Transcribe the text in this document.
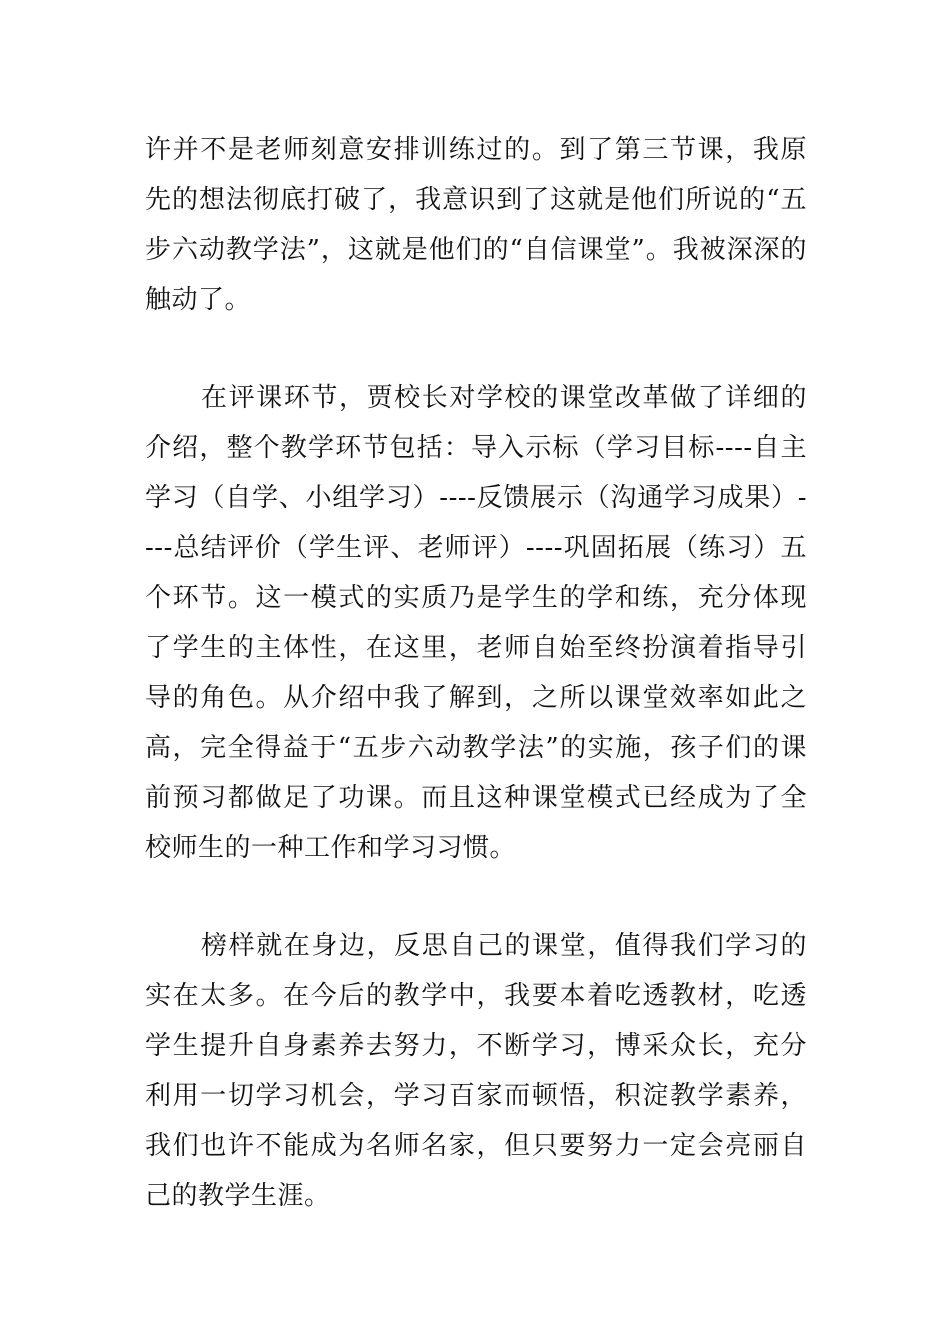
许并不是老师刻意安排训练过的。到了第三节课，我原先的想法彻底打破了，我意识到了这就是他们所说的“五步六动教学法”，这就是他们的“自信课堂”。我被深深的触动了。

在评课环节，贾校长对学校的课堂改革做了详细的介绍，整个教学环节包括：导入示标（学习目标----自主学习（自学、小组学习）----反馈展示（沟通学习成果）----总结评价（学生评、老师评）----巩固拓展（练习）五个环节。这一模式的实质乃是学生的学和练，充分体现了学生的主体性，在这里，老师自始至终扮演着指导引导的角色。从介绍中我了解到，之所以课堂效率如此之高，完全得益于“五步六动教学法”的实施，孩子们的课前预习都做足了功课。而且这种课堂模式已经成为了全校师生的一种工作和学习习惯。

榜样就在身边，反思自己的课堂，值得我们学习的实在太多。在今后的教学中，我要本着吃透教材，吃透学生提升自身素养去努力，不断学习，博采众长，充分利用一切学习机会，学习百家而顿悟，积淀教学素养，我们也许不能成为名师名家，但只要努力一定会亮丽自己的教学生涯。
